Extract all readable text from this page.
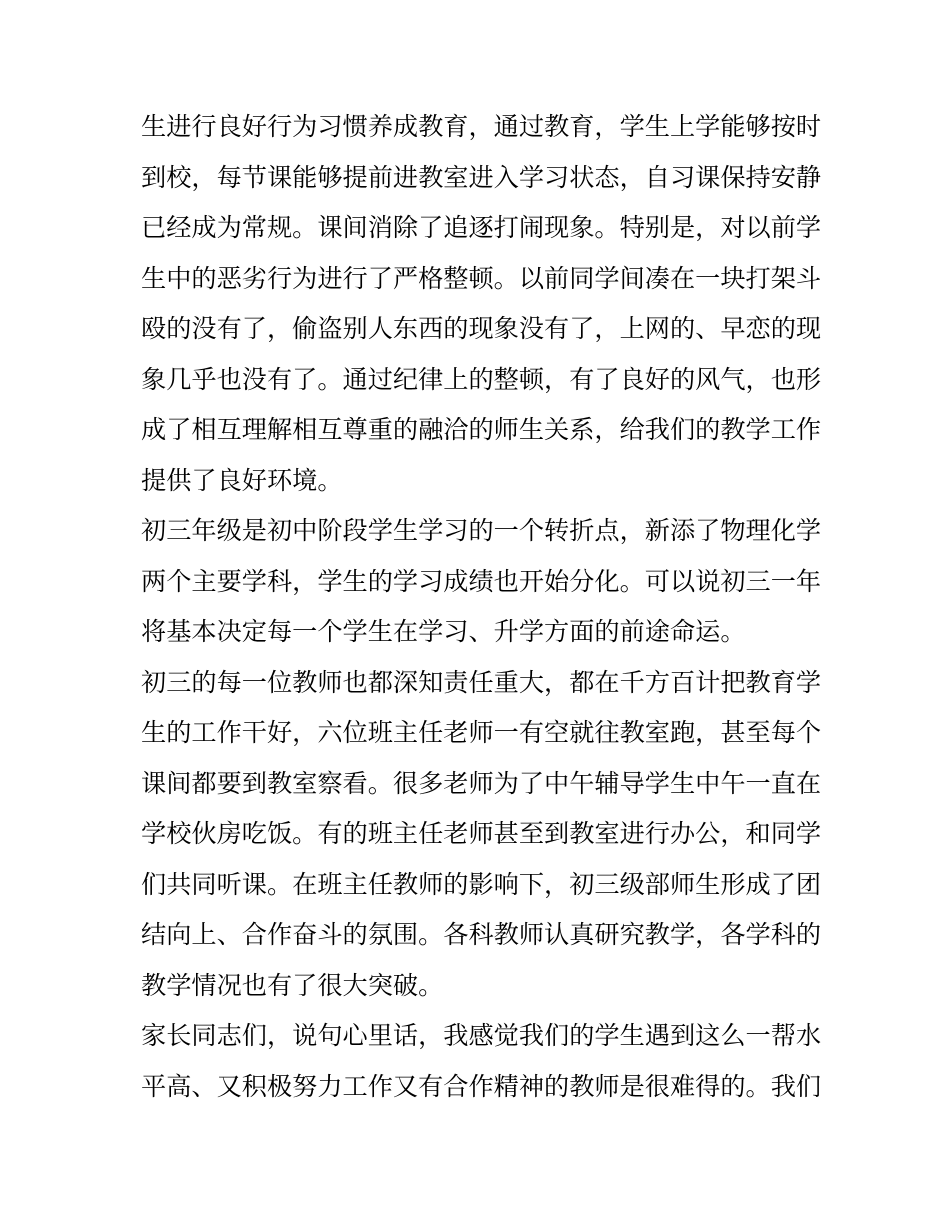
生进行良好行为习惯养成教育，通过教育，学生上学能够按时
到校，每节课能够提前进教室进入学习状态，自习课保持安静
已经成为常规。课间消除了追逐打闹现象。特别是，对以前学
生中的恶劣行为进行了严格整顿。以前同学间凑在一块打架斗
殴的没有了，偷盗别人东西的现象没有了，上网的、早恋的现
象几乎也没有了。通过纪律上的整顿，有了良好的风气，也形
成了相互理解相互尊重的融洽的师生关系，给我们的教学工作
提供了良好环境。
初三年级是初中阶段学生学习的一个转折点，新添了物理化学
两个主要学科，学生的学习成绩也开始分化。可以说初三一年
将基本决定每一个学生在学习、升学方面的前途命运。
初三的每一位教师也都深知责任重大，都在千方百计把教育学
生的工作干好，六位班主任老师一有空就往教室跑，甚至每个
课间都要到教室察看。很多老师为了中午辅导学生中午一直在
学校伙房吃饭。有的班主任老师甚至到教室进行办公，和同学
们共同听课。在班主任教师的影响下，初三级部师生形成了团
结向上、合作奋斗的氛围。各科教师认真研究教学，各学科的
教学情况也有了很大突破。
家长同志们，说句心里话，我感觉我们的学生遇到这么一帮水
平高、又积极努力工作又有合作精神的教师是很难得的。我们
